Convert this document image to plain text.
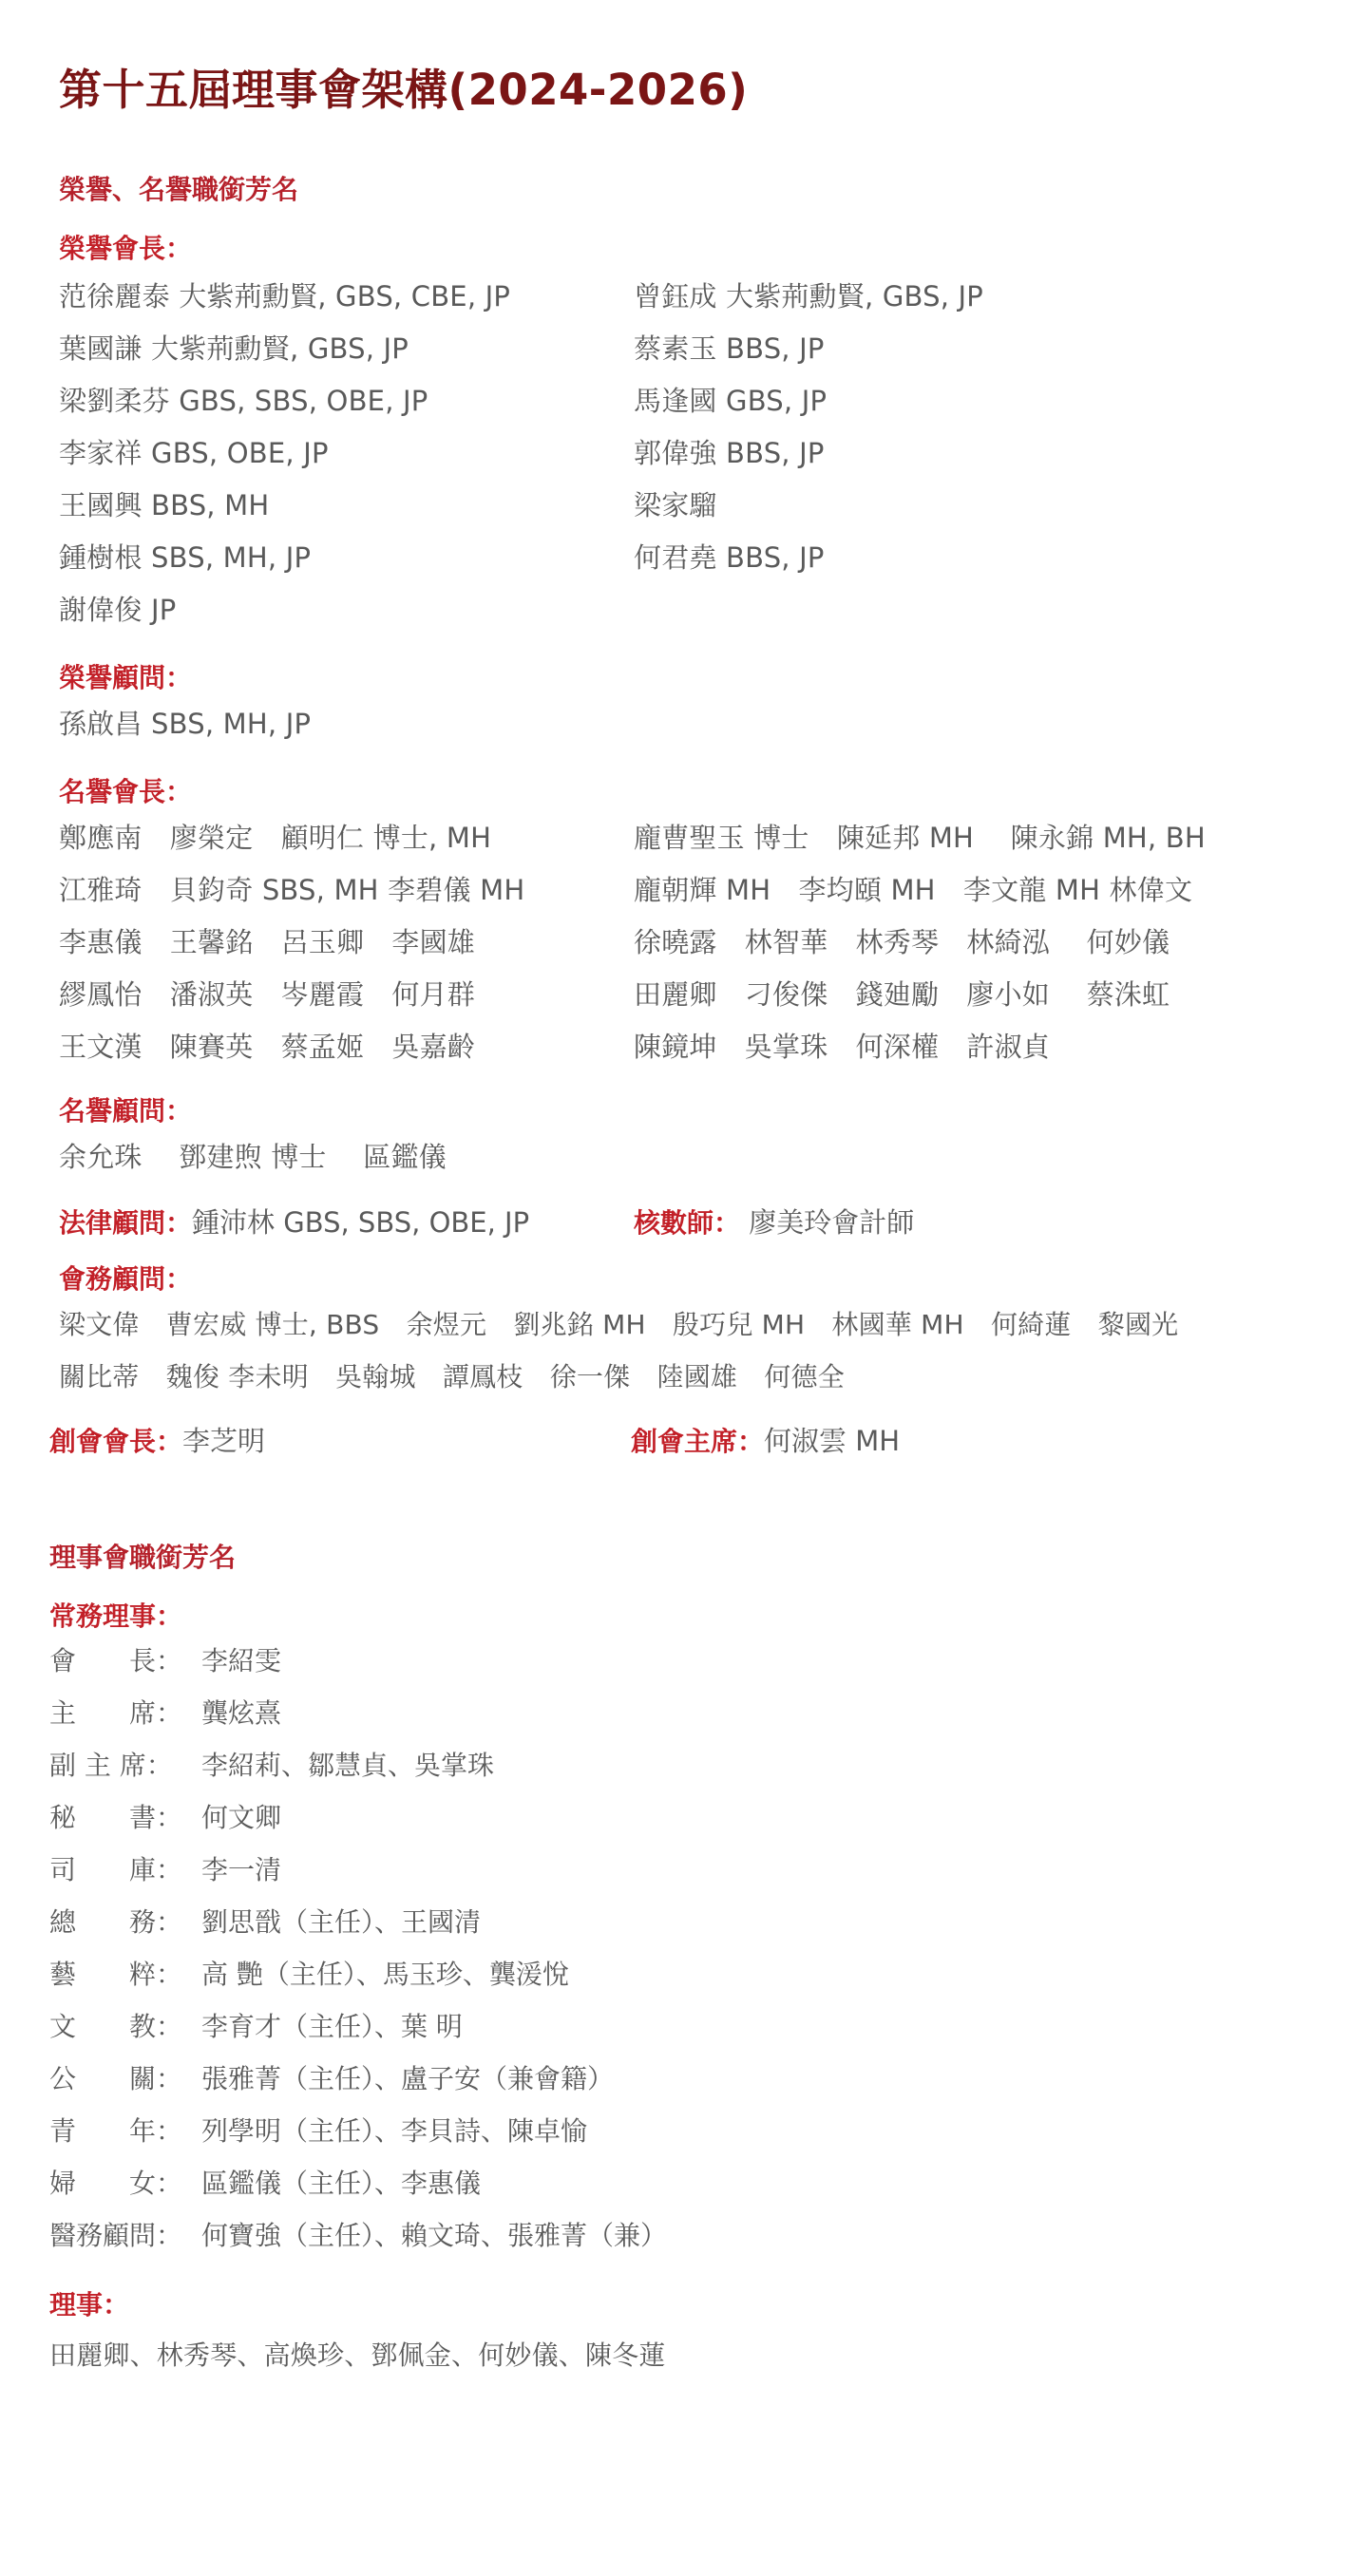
第十五屆理事會架構(2024-2026)
榮譽、名譽職銜芳名
榮譽會長：
范徐麗泰 大紫荊勳賢, GBS, CBE, JP
葉國謙 大紫荊勳賢, GBS, JP
梁劉柔芬 GBS, SBS, OBE, JP
李家祥 GBS, OBE, JP
王國興 BBS, MH
鍾樹根 SBS, MH, JP
謝偉俊 JP
曾鈺成 大紫荊勳賢, GBS, JP
蔡素玉 BBS, JP
馬逢國 GBS, JP
郭偉強 BBS, JP
梁家騮
何君堯 BBS, JP
榮譽顧問：
孫啟昌 SBS, MH, JP
名譽會長：
鄭應南　廖榮定　顧明仁 博士, MH
江雅琦　貝鈞奇 SBS, MH 李碧儀 MH
李惠儀　王馨銘　呂玉卿　李國雄
繆鳳怡　潘淑英　岑麗霞　何月群
王文漢　陳賽英　蔡孟姬　吳嘉齡
龐曹聖玉 博士　陳延邦 MH　 陳永錦 MH, BH
龐朝輝 MH　李均頤 MH　李文龍 MH 林偉文
徐曉露　林智華　林秀琴　林綺泓　 何妙儀
田麗卿　刁俊傑　錢廸勵　廖小如　 蔡洙虹
陳鏡坤　吳掌珠　何深權　許淑貞
名譽顧問：
余允珠　 鄧建煦 博士　 區鑑儀
法律顧問：鍾沛林 GBS, SBS, OBE, JP	核數師： 廖美玲會計師
會務顧問：
梁文偉　曹宏威 博士, BBS　余煜元　劉兆銘 MH　殷巧兒 MH　林國華 MH　何綺蓮　黎國光
關比蒂　魏俊 李未明　吳翰城　譚鳳枝　徐一傑　陸國雄　何德全
創會會長：李芝明	創會主席：何淑雲 MH
理事會職銜芳名
常務理事：
會　　長： 李紹雯
主　　席： 龔炫熹
副 主 席： 李紹莉、鄒慧貞、吳掌珠
秘　　書： 何文卿
司　　庫： 李一清
總　　務： 劉思戩（主任）、王國清
藝　　粹： 高 艷（主任）、馬玉珍、龔湲悅
文　　教： 李育才（主任）、葉 明
公　　關： 張雅菁（主任）、盧子安（兼會籍）
青　　年： 列學明（主任）、李貝詩、陳卓愉
婦　　女： 區鑑儀（主任）、李惠儀
醫務顧問： 何寶強（主任）、賴文琦、張雅菁（兼）
理事：
田麗卿、林秀琴、高煥珍、鄧佩金、何妙儀、陳冬蓮
